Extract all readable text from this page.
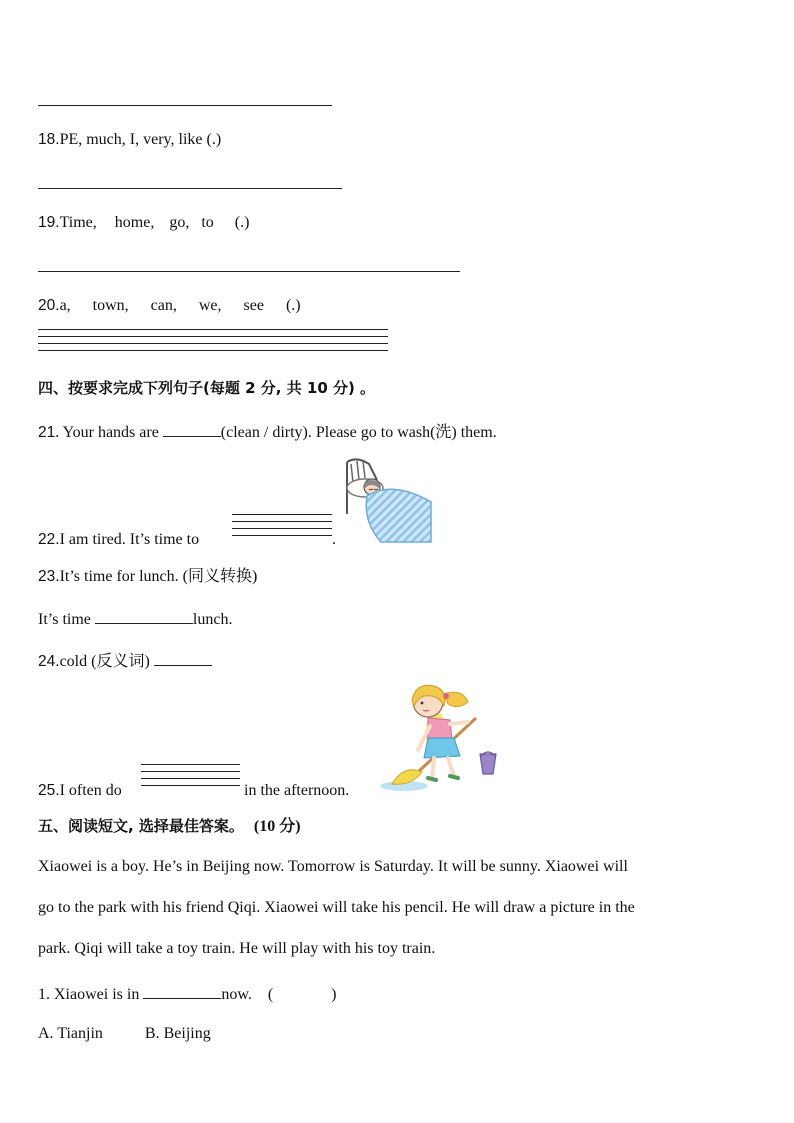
18.PE, much, I, very, like (.)
19.Time, home, go, to (.)
20.a, town, can, we, see (.)
四、按要求完成下列句子(每题 2 分, 共 10 分) 。
21. Your hands are	(clean / dirty). Please go to wash(洗) them.
22.I am tired. It’s time to	.
23.It’s time for lunch. (同义转换)
It’s time	lunch.
24.cold (反义词)
25.I often do	in the afternoon.
五、阅读短文, 选择最佳答案。 (10 分)
Xiaowei is a boy. He’s in Beijing now. Tomorrow is Saturday. It will be sunny. Xiaowei will
go to the park with his friend Qiqi. Xiaowei will take his pencil. He will draw a picture in the
park. Qiqi will take a toy train. He will play with his toy train.
1. Xiaowei is in	now. (	)
A. Tianjin	B. Beijing
